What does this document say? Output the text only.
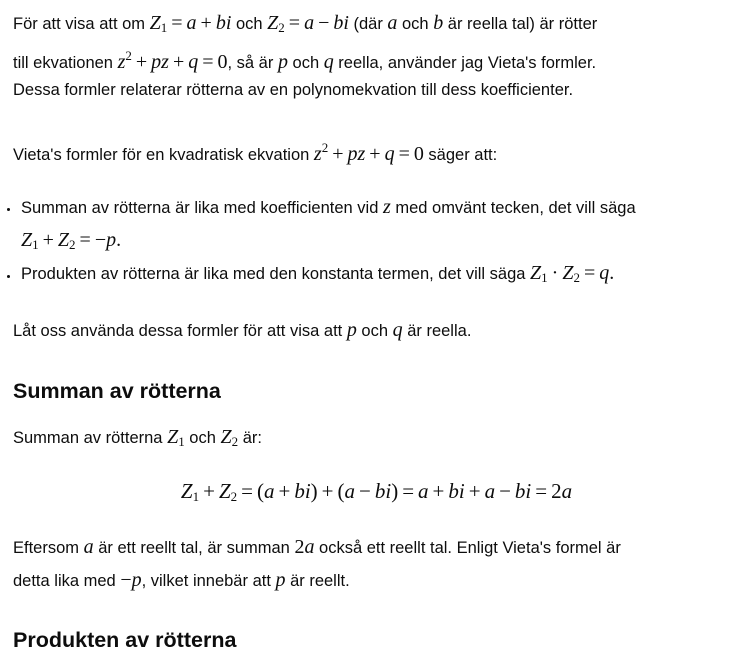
För att visa att om $Z_1 = a$ + bi och $Z_2 = a$ − bi (där a och b är reella tal) är rötter
till ekvationen $z^2$ + pz + q = 0, så är p och q reella, använder jag Vieta's formler.
Dessa formler relaterar rötterna av en polynomekvation till dess koefficienter.
Vieta's formler för en kvadratisk ekvation $z^2$ + pz + q = 0 säger att:
Summan av rötterna är lika med koefficienten vid z med omvänt tecken, det vill säga
$Z_1 + Z_2 = -p$.
Produkten av rötterna är lika med den konstanta termen, det vill säga $Z_1 \cdot Z_2 = q$.
Låt oss använda dessa formler för att visa att p och q är reella.
Summan av rötterna
Summan av rötterna $Z_1$ och $Z_2$ är:
$Z_1 + Z_2 = (a + bi) + (a - bi) = a$ + bi + a − bi = 2a
Eftersom a är ett reellt tal, är summan 2a också ett reellt tal. Enligt Vieta's formel är
detta lika med −p, vilket innebär att p är reellt.
Produkten av rötterna
